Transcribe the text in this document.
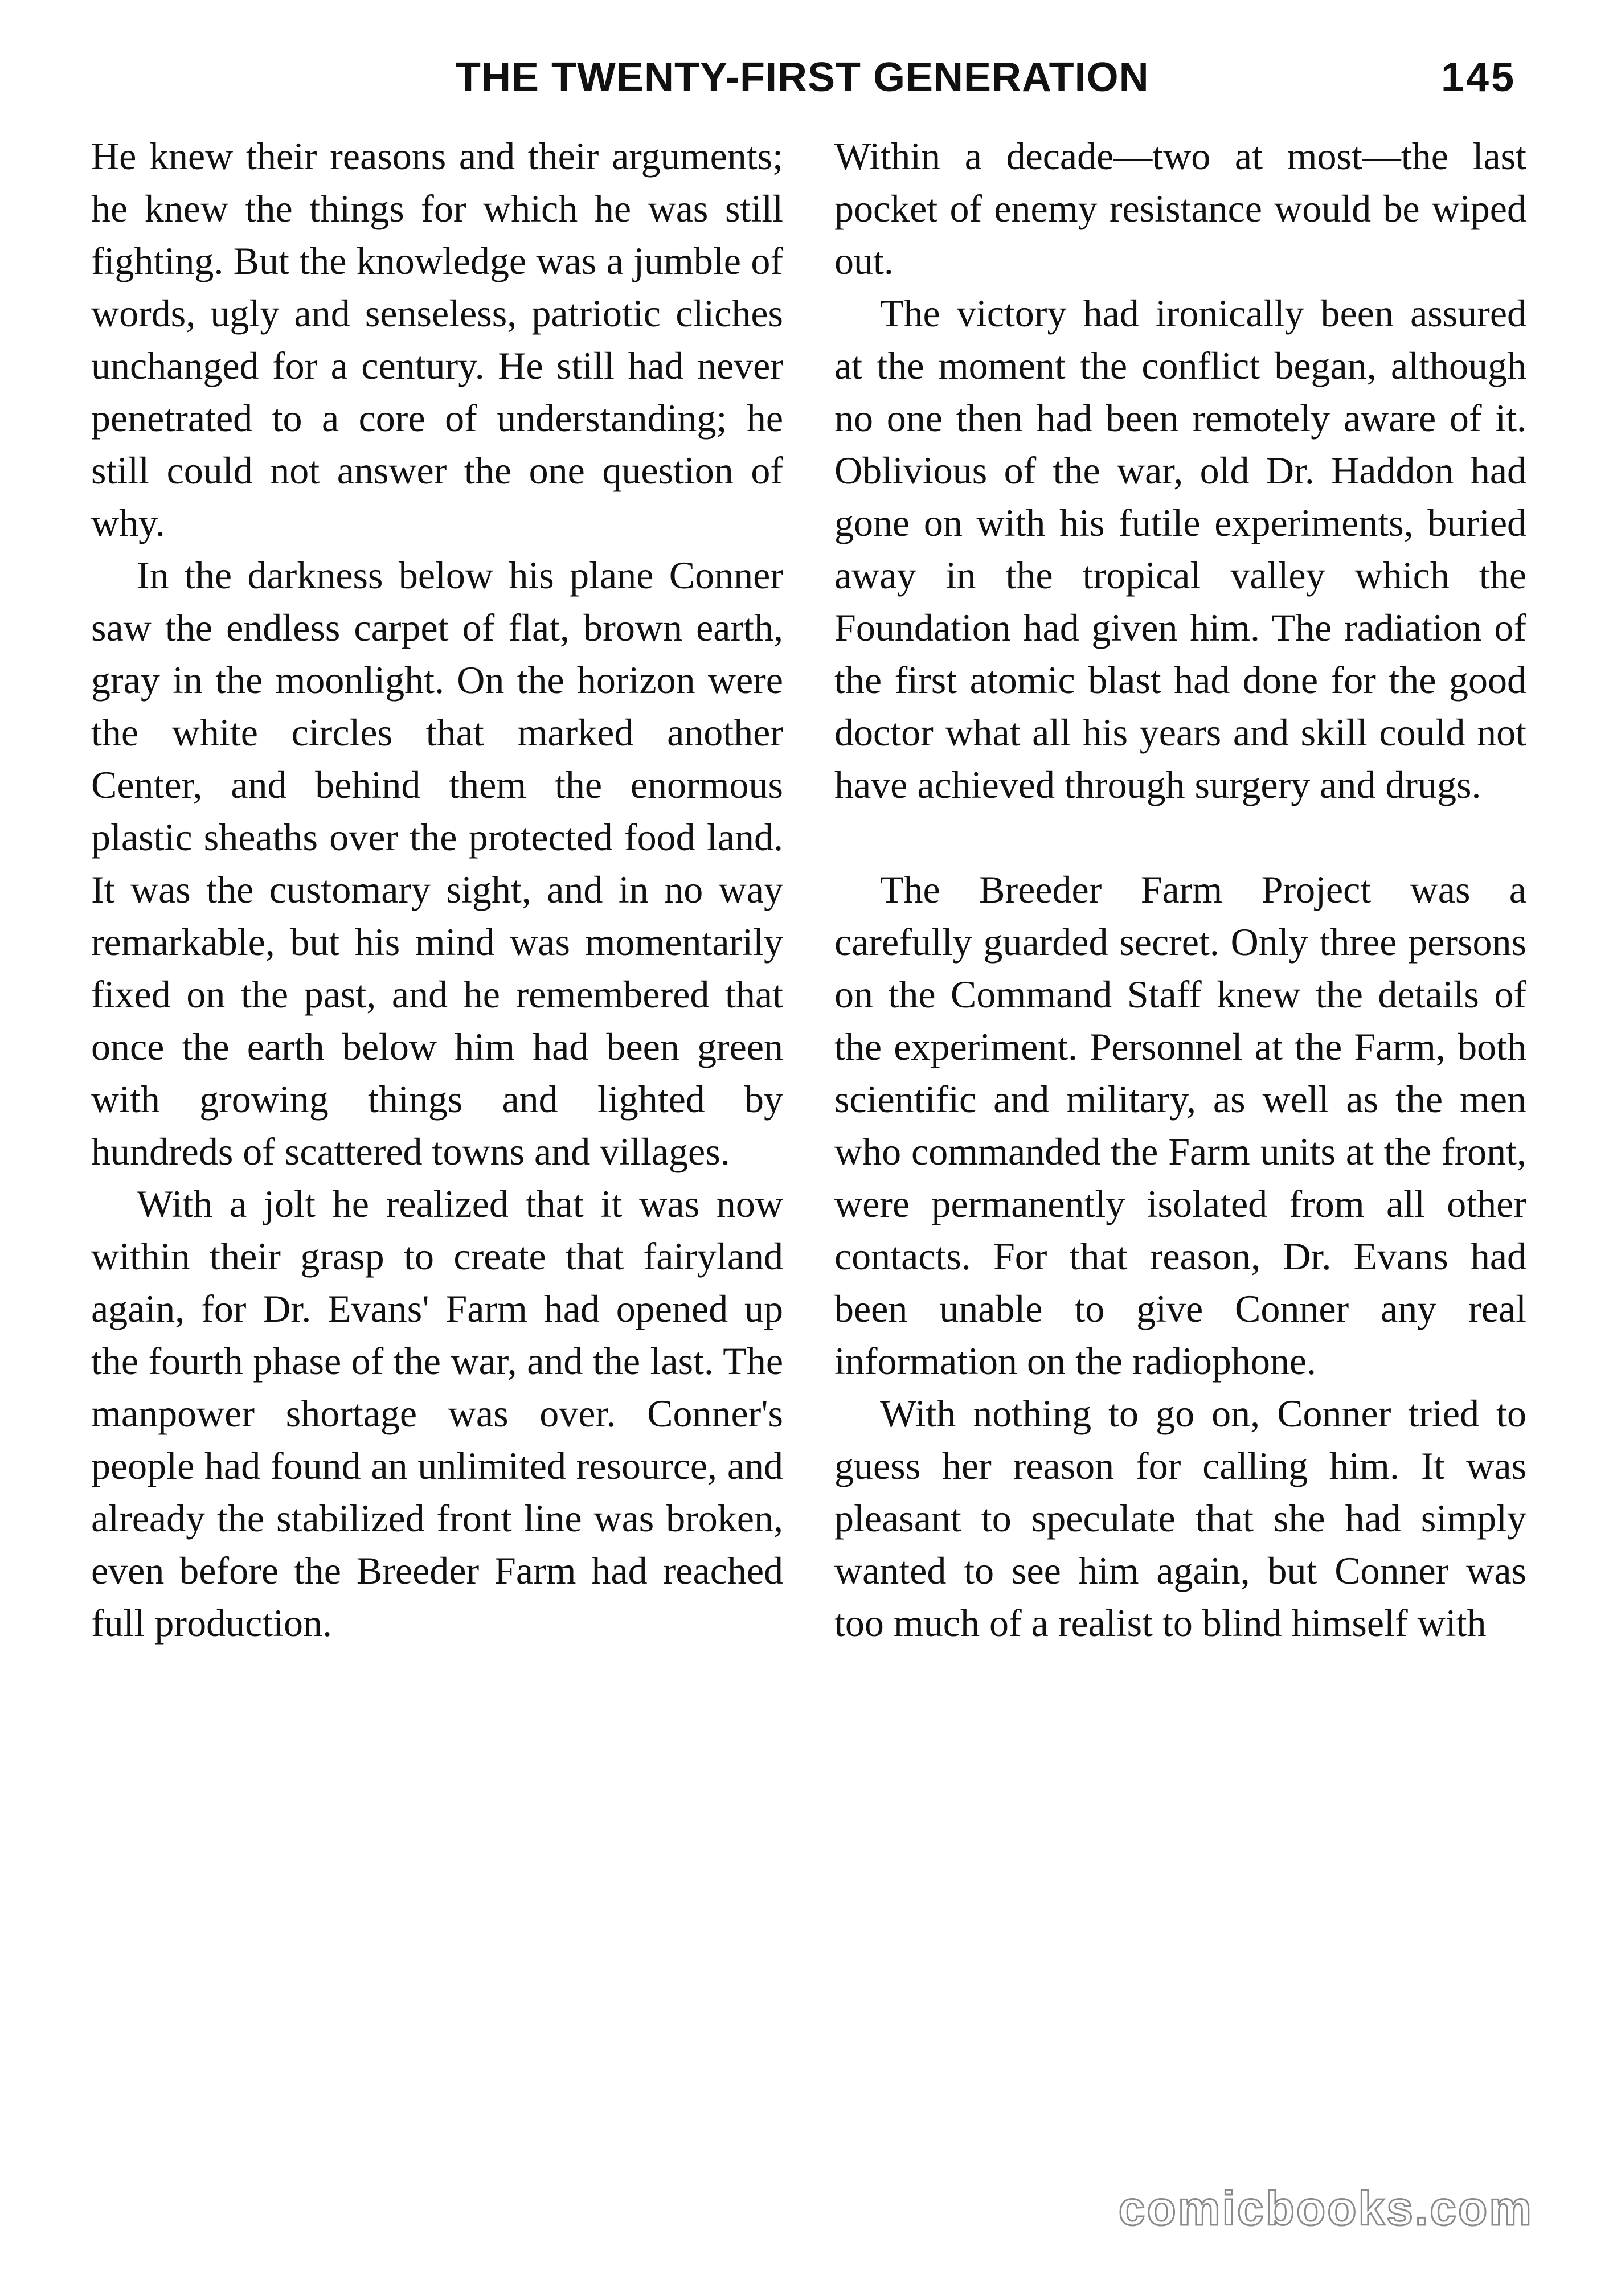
THE TWENTY-FIRST GENERATION	145

He knew their reasons and their arguments; he knew the things for which he was still fighting. But the knowledge was a jumble of words, ugly and senseless, patriotic cliches unchanged for a century. He still had never penetrated to a core of understanding; he still could not answer the one question of why.

In the darkness below his plane Conner saw the endless carpet of flat, brown earth, gray in the moonlight. On the horizon were the white circles that marked another Center, and behind them the enormous plastic sheaths over the protected food land. It was the customary sight, and in no way remarkable, but his mind was momentarily fixed on the past, and he remembered that once the earth below him had been green with growing things and lighted by hundreds of scattered towns and villages.

With a jolt he realized that it was now within their grasp to create that fairyland again, for Dr. Evans' Farm had opened up the fourth phase of the war, and the last. The manpower shortage was over. Conner's people had found an unlimited resource, and already the stabilized front line was broken, even before the Breeder Farm had reached full production.

Within a decade—two at most—the last pocket of enemy resistance would be wiped out.

The victory had ironically been assured at the moment the conflict began, although no one then had been remotely aware of it. Oblivious of the war, old Dr. Haddon had gone on with his futile experiments, buried away in the tropical valley which the Foundation had given him. The radiation of the first atomic blast had done for the good doctor what all his years and skill could not have achieved through surgery and drugs.

The Breeder Farm Project was a carefully guarded secret. Only three persons on the Command Staff knew the details of the experiment. Personnel at the Farm, both scientific and military, as well as the men who commanded the Farm units at the front, were permanently isolated from all other contacts. For that reason, Dr. Evans had been unable to give Conner any real information on the radiophone.

With nothing to go on, Conner tried to guess her reason for calling him. It was pleasant to speculate that she had simply wanted to see him again, but Conner was too much of a realist to blind himself with

comicbooks.com
